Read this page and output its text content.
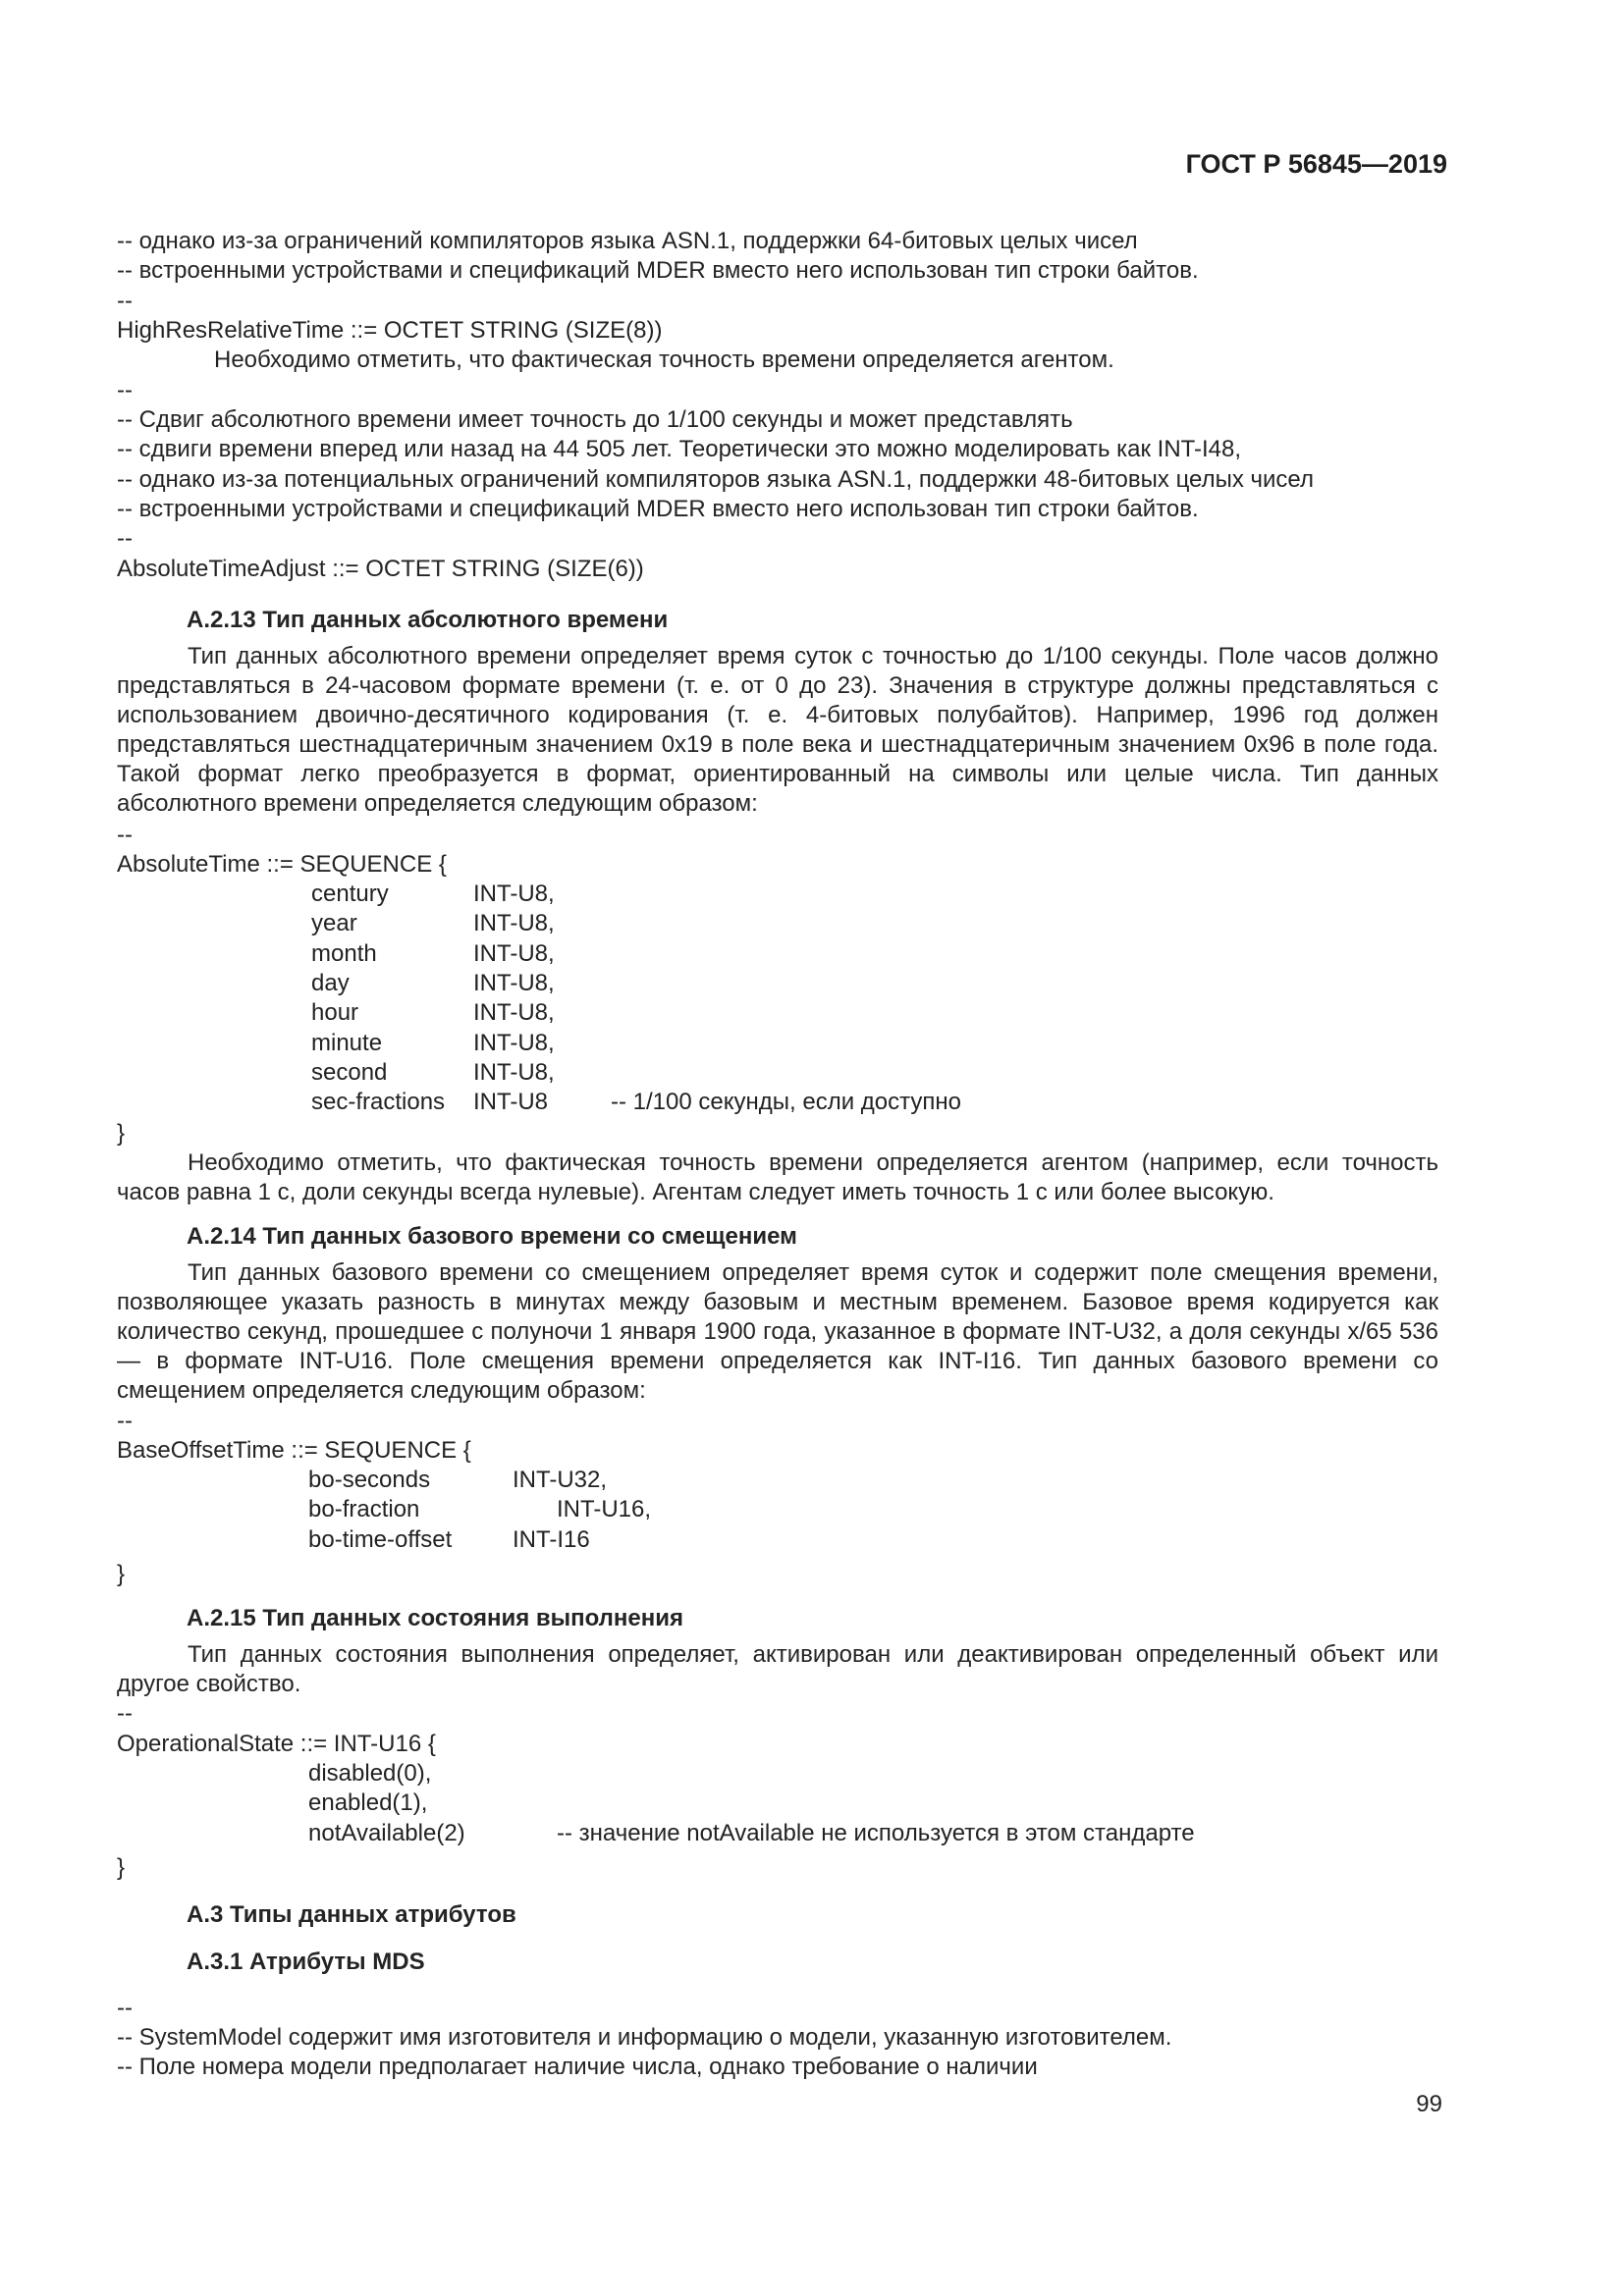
ГОСТ Р 56845—2019
-- однако из-за ограничений компиляторов языка ASN.1, поддержки 64-битовых целых чисел
-- встроенными устройствами и спецификаций MDER вместо него использован тип строки байтов.
--
HighResRelativeTime ::= OCTET STRING (SIZE(8))
Необходимо отметить, что фактическая точность времени определяется агентом.
--
-- Сдвиг абсолютного времени имеет точность до 1/100 секунды и может представлять
-- сдвиги времени вперед или назад на 44 505 лет. Теоретически это можно моделировать как INT-I48,
-- однако из-за потенциальных ограничений компиляторов языка ASN.1, поддержки 48-битовых целых чисел
-- встроенными устройствами и спецификаций MDER вместо него использован тип строки байтов.
--
AbsoluteTimeAdjust ::= OCTET STRING (SIZE(6))
А.2.13 Тип данных абсолютного времени
Тип данных абсолютного времени определяет время суток с точностью до 1/100 секунды. Поле часов должно представляться в 24-часовом формате времени (т. е. от 0 до 23). Значения в структуре должны представляться с использованием двоично-десятичного кодирования (т. е. 4-битовых полубайтов). Например, 1996 год должен представляться шестнадцатеричным значением 0x19 в поле века и шестнадцатеричным значением 0x96 в поле года. Такой формат легко преобразуется в формат, ориентированный на символы или целые числа. Тип данных абсолютного времени определяется следующим образом:
--
AbsoluteTime ::= SEQUENCE {
century	INT-U8,
year	INT-U8,
month	INT-U8,
day	INT-U8,
hour	INT-U8,
minute	INT-U8,
second	INT-U8,
sec-fractions INT-U8	-- 1/100 секунды, если доступно
}
Необходимо отметить, что фактическая точность времени определяется агентом (например, если точность часов равна 1 с, доли секунды всегда нулевые). Агентам следует иметь точность 1 с или более высокую.
А.2.14 Тип данных базового времени со смещением
Тип данных базового времени со смещением определяет время суток и содержит поле смещения времени, позволяющее указать разность в минутах между базовым и местным временем. Базовое время кодируется как количество секунд, прошедшее с полуночи 1 января 1900 года, указанное в формате INT-U32, а доля секунды x/65 536 — в формате INT-U16. Поле смещения времени определяется как INT-I16. Тип данных базового времени со смещением определяется следующим образом:
--
BaseOffsetTime ::= SEQUENCE {
bo-seconds	INT-U32,
bo-fraction	INT-U16,
bo-time-offset	INT-I16
}
А.2.15 Тип данных состояния выполнения
Тип данных состояния выполнения определяет, активирован или деактивирован определенный объект или другое свойство.
--
OperationalState ::= INT-U16 {
disabled(0),
enabled(1),
notAvailable(2)	-- значение notAvailable не используется в этом стандарте
}
А.3 Типы данных атрибутов
А.3.1 Атрибуты MDS
--
-- SystemModel содержит имя изготовителя и информацию о модели, указанную изготовителем.
-- Поле номера модели предполагает наличие числа, однако требование о наличии
99
